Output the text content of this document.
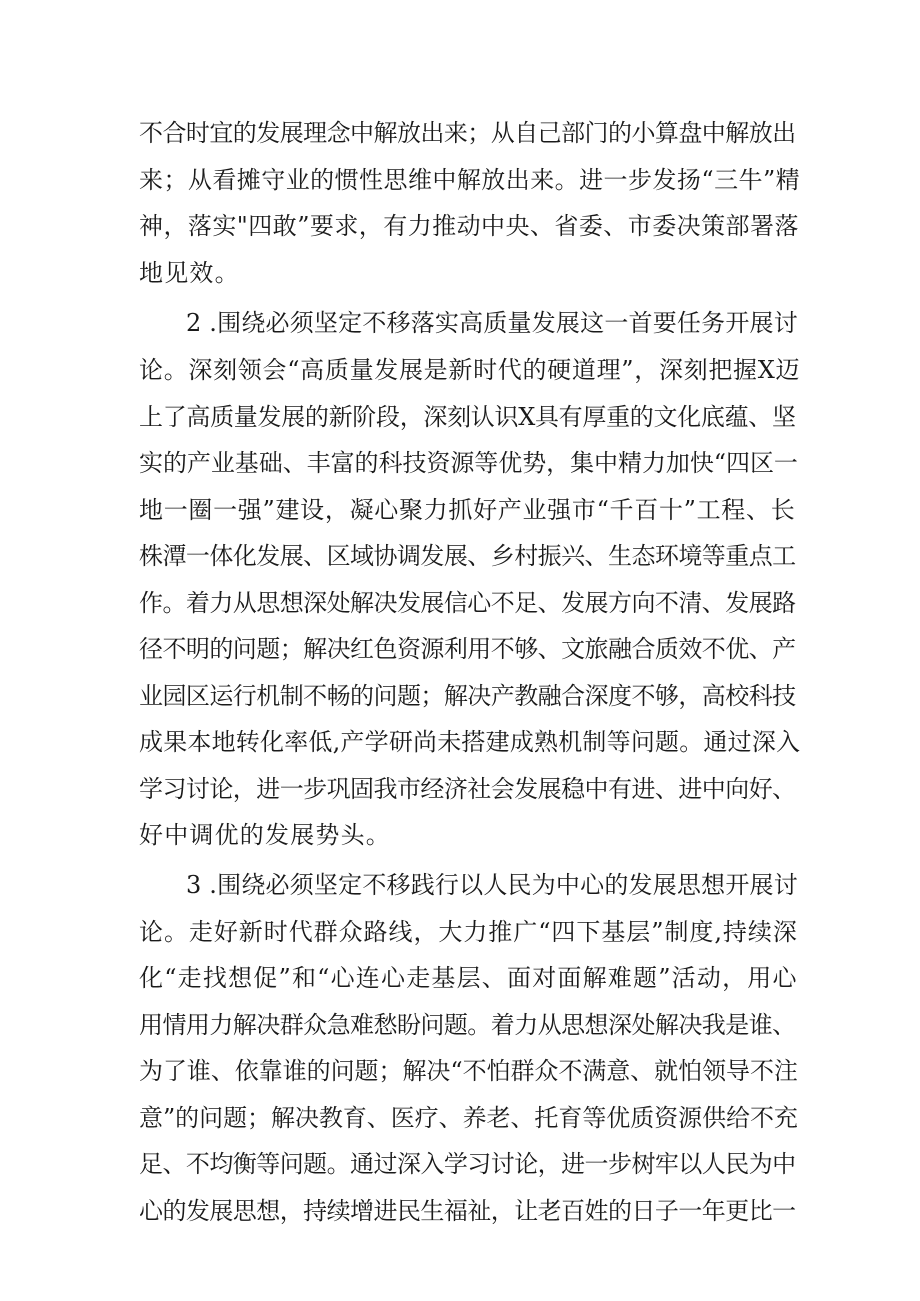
不合时宜的发展理念中解放出来；从自己部门的小算盘中解放出
来；从看摊守业的惯性思维中解放出来。进一步发扬“三牛”精
神，落实"四敢”要求，有力推动中央、省委、市委决策部署落
地见效。
2 .围绕必须坚定不移落实高质量发展这一首要任务开展讨
论。深刻领会“高质量发展是新时代的硬道理”，深刻把握X迈
上了高质量发展的新阶段，深刻认识X具有厚重的文化底蕴、坚
实的产业基础、丰富的科技资源等优势，集中精力加快“四区一
地一圈一强”建设，凝心聚力抓好产业强市“千百十”工程、长
株潭一体化发展、区域协调发展、乡村振兴、生态环境等重点工
作。着力从思想深处解决发展信心不足、发展方向不清、发展路
径不明的问题；解决红色资源利用不够、文旅融合质效不优、产
业园区运行机制不畅的问题；解决产教融合深度不够，高校科技
成果本地转化率低,产学研尚未搭建成熟机制等问题。通过深入
学习讨论，进一步巩固我市经济社会发展稳中有进、进中向好、
好中调优的发展势头。
3 .围绕必须坚定不移践行以人民为中心的发展思想开展讨
论。走好新时代群众路线，大力推广“四下基层”制度,持续深
化“走找想促”和“心连心走基层、面对面解难题”活动，用心
用情用力解决群众急难愁盼问题。着力从思想深处解决我是谁、
为了谁、依靠谁的问题；解决“不怕群众不满意、就怕领导不注
意”的问题；解决教育、医疗、养老、托育等优质资源供给不充
足、不均衡等问题。通过深入学习讨论，进一步树牢以人民为中
心的发展思想，持续增进民生福祉，让老百姓的日子一年更比一
